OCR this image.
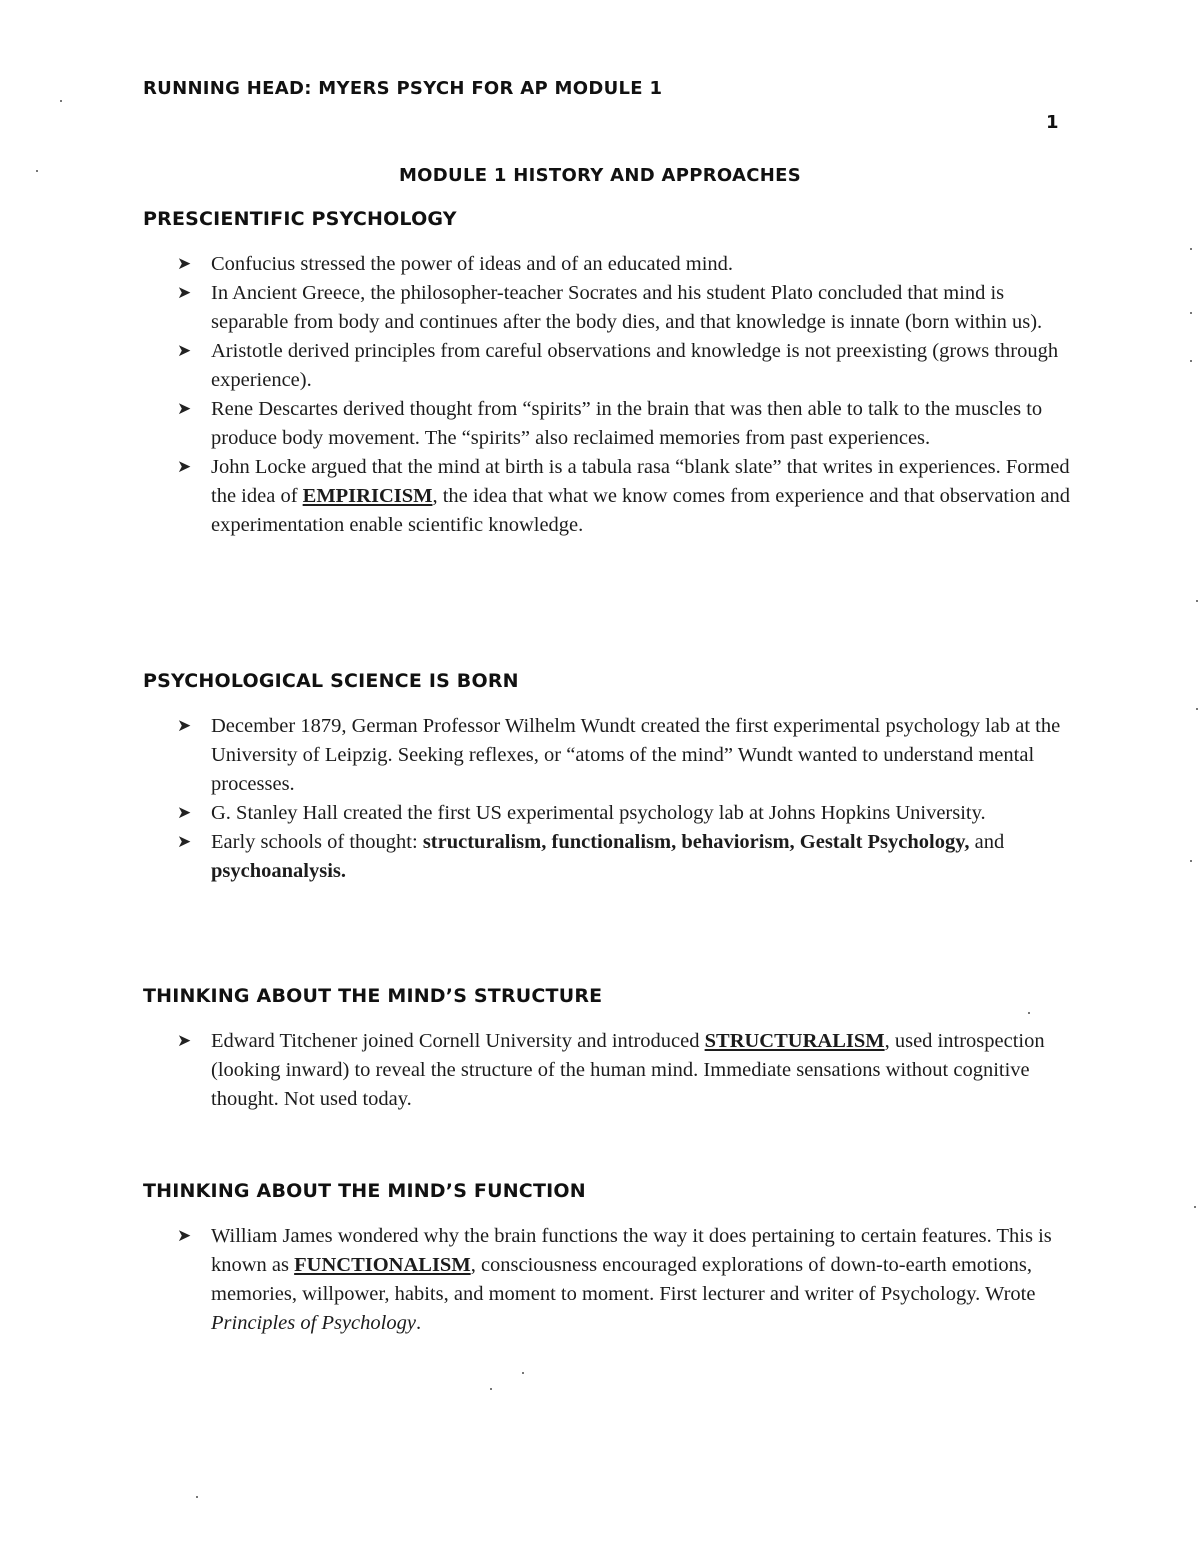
RUNNING HEAD: MYERS PSYCH FOR AP MODULE 1
1
MODULE 1 HISTORY AND APPROACHES
PRESCIENTIFIC PSYCHOLOGY
➤ Confucius stressed the power of ideas and of an educated mind.
➤ In Ancient Greece, the philosopher-teacher Socrates and his student Plato concluded that mind is separable from body and continues after the body dies, and that knowledge is innate (born within us).
➤ Aristotle derived principles from careful observations and knowledge is not preexisting (grows through experience).
➤ Rene Descartes derived thought from “spirits” in the brain that was then able to talk to the muscles to produce body movement. The “spirits” also reclaimed memories from past experiences.
➤ John Locke argued that the mind at birth is a tabula rasa “blank slate” that writes in experiences. Formed the idea of EMPIRICISM, the idea that what we know comes from experience and that observation and experimentation enable scientific knowledge.
PSYCHOLOGICAL SCIENCE IS BORN
➤ December 1879, German Professor Wilhelm Wundt created the first experimental psychology lab at the University of Leipzig. Seeking reflexes, or “atoms of the mind” Wundt wanted to understand mental processes.
➤ G. Stanley Hall created the first US experimental psychology lab at Johns Hopkins University.
➤ Early schools of thought: structuralism, functionalism, behaviorism, Gestalt Psychology, and psychoanalysis.
THINKING ABOUT THE MIND’S STRUCTURE
➤ Edward Titchener joined Cornell University and introduced STRUCTURALISM, used introspection (looking inward) to reveal the structure of the human mind. Immediate sensations without cognitive thought. Not used today.
THINKING ABOUT THE MIND’S FUNCTION
➤ William James wondered why the brain functions the way it does pertaining to certain features. This is known as FUNCTIONALISM, consciousness encouraged explorations of down-to-earth emotions, memories, willpower, habits, and moment to moment. First lecturer and writer of Psychology. Wrote Principles of Psychology.
